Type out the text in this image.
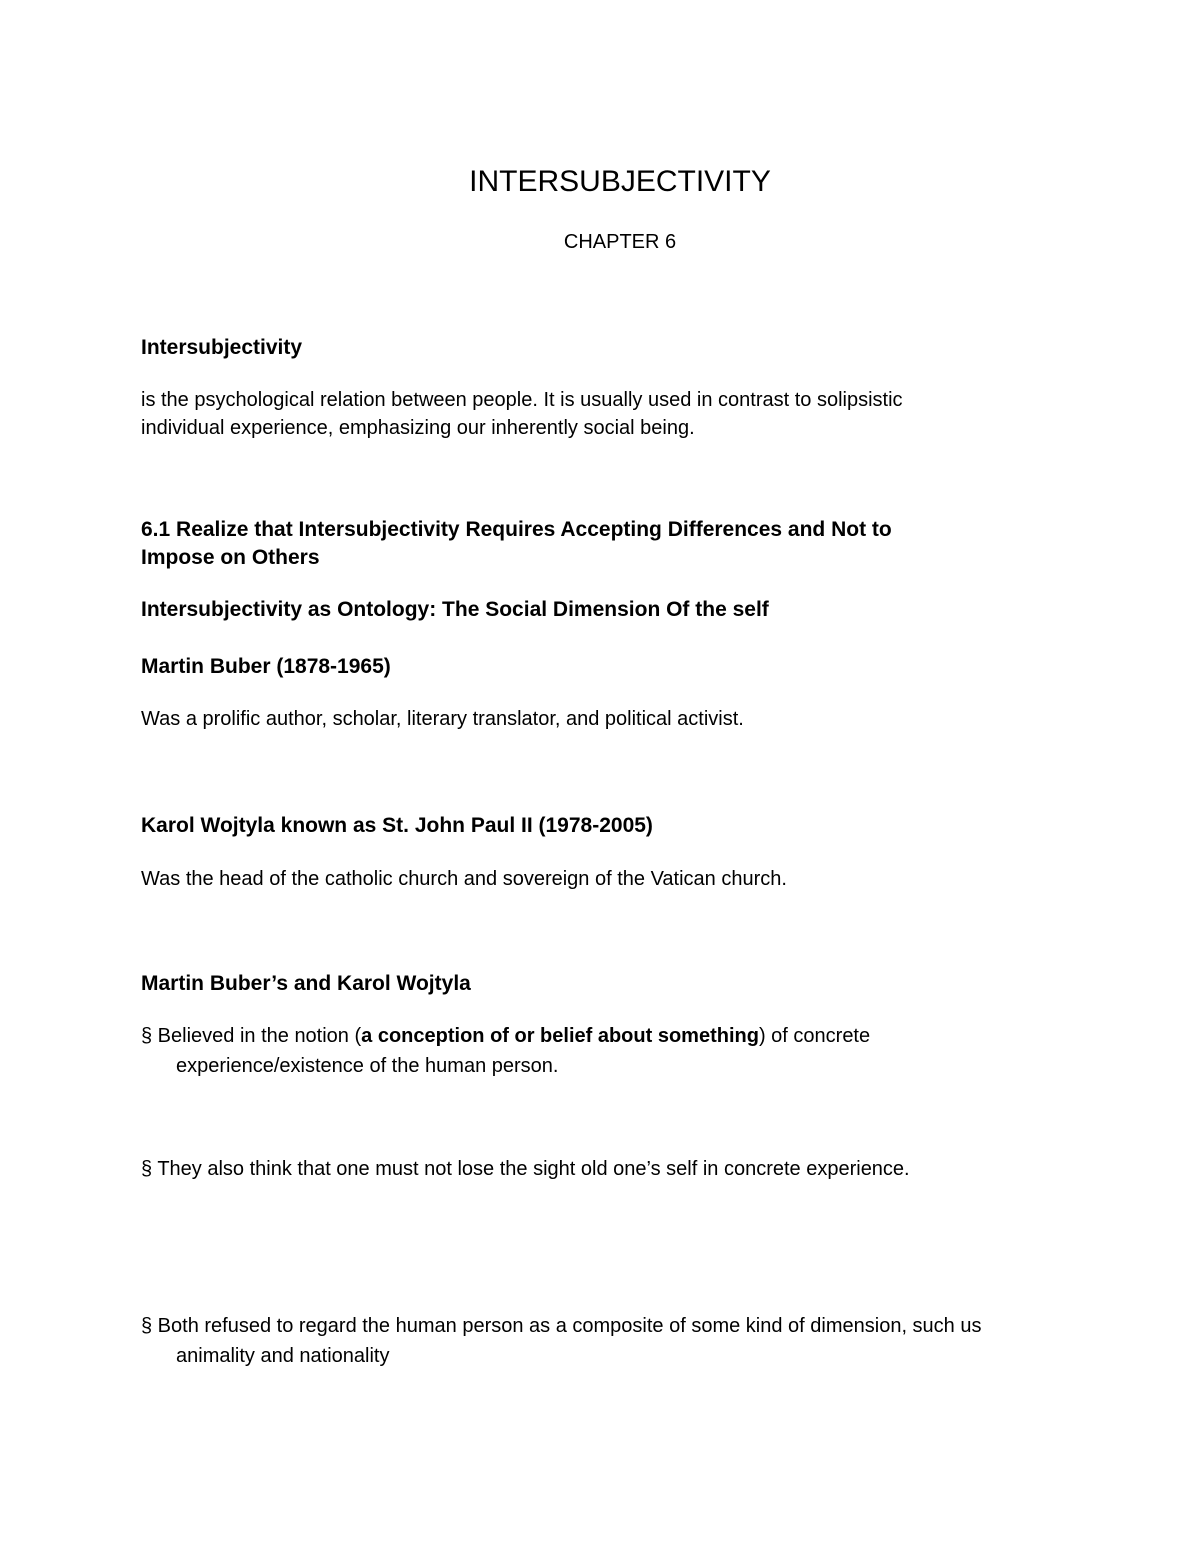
INTERSUBJECTIVITY

CHAPTER 6

Intersubjectivity

is the psychological relation between people. It is usually used in contrast to solipsistic
individual experience, emphasizing our inherently social being.

6.1 Realize that Intersubjectivity Requires Accepting Differences and Not to
Impose on Others

Intersubjectivity as Ontology: The Social Dimension Of the self

Martin Buber (1878-1965)

Was a prolific author, scholar, literary translator, and political activist.

Karol Wojtyla known as St. John Paul II (1978-2005)

Was the head of the catholic church and sovereign of the Vatican church.

Martin Buber’s and Karol Wojtyla

§ Believed in the notion (a conception of or belief about something) of concrete
experience/existence of the human person.

§ They also think that one must not lose the sight old one’s self in concrete experience.

§ Both refused to regard the human person as a composite of some kind of dimension, such us
animality and nationality
